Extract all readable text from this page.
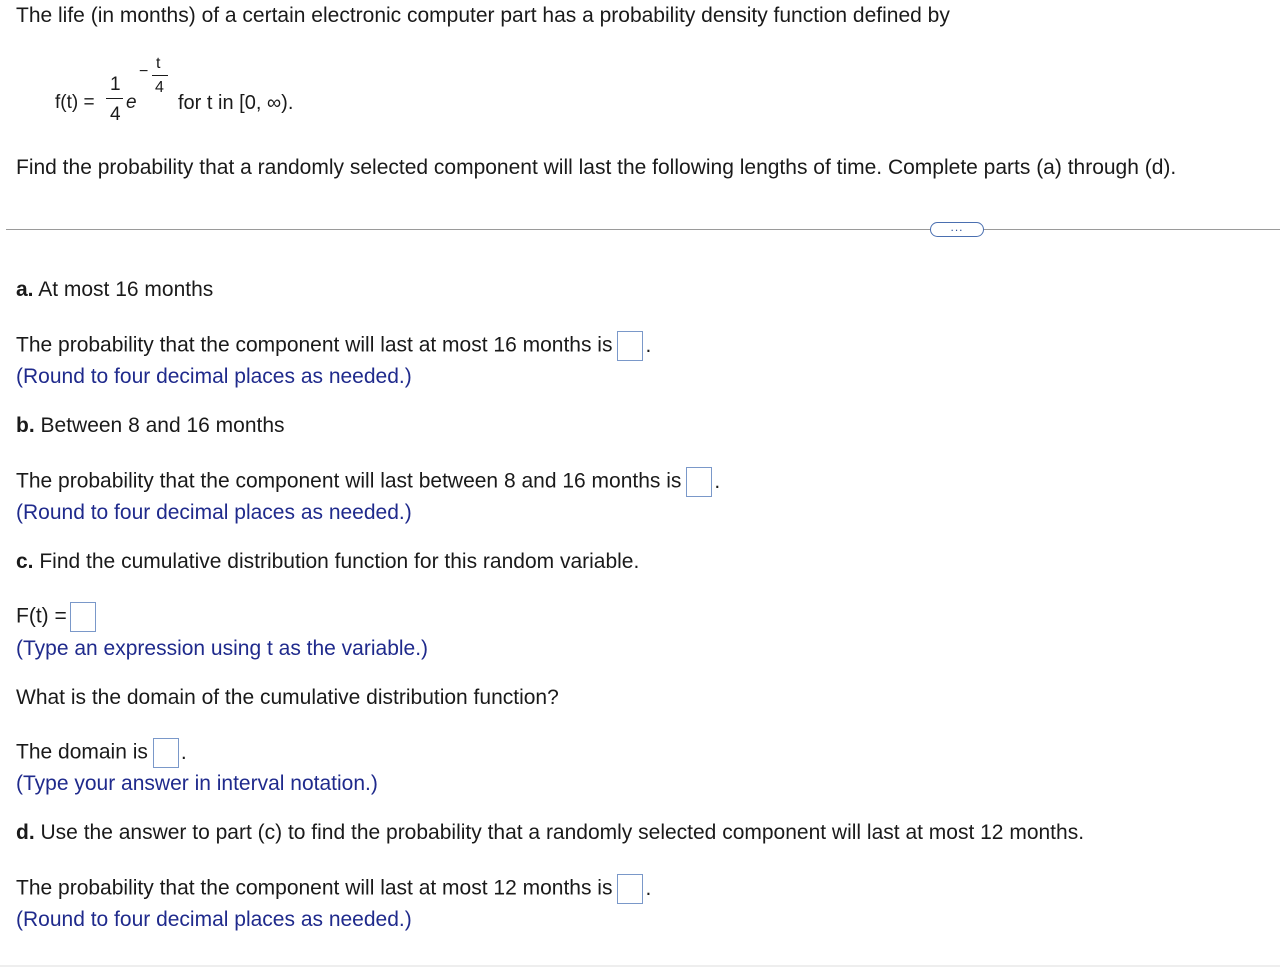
The life (in months) of a certain electronic computer part has a probability density function defined by
f(t) =
1
4
e
− t
4
for t in [0, ∞).
Find the probability that a randomly selected component will last the following lengths of time. Complete parts (a) through (d).
...
a. At most 16 months
The probability that the component will last at most 16 months is .
(Round to four decimal places as needed.)
b. Between 8 and 16 months
The probability that the component will last between 8 and 16 months is .
(Round to four decimal places as needed.)
c. Find the cumulative distribution function for this random variable.
F(t) =
(Type an expression using t as the variable.)
What is the domain of the cumulative distribution function?
The domain is .
(Type your answer in interval notation.)
d. Use the answer to part (c) to find the probability that a randomly selected component will last at most 12 months.
The probability that the component will last at most 12 months is .
(Round to four decimal places as needed.)
